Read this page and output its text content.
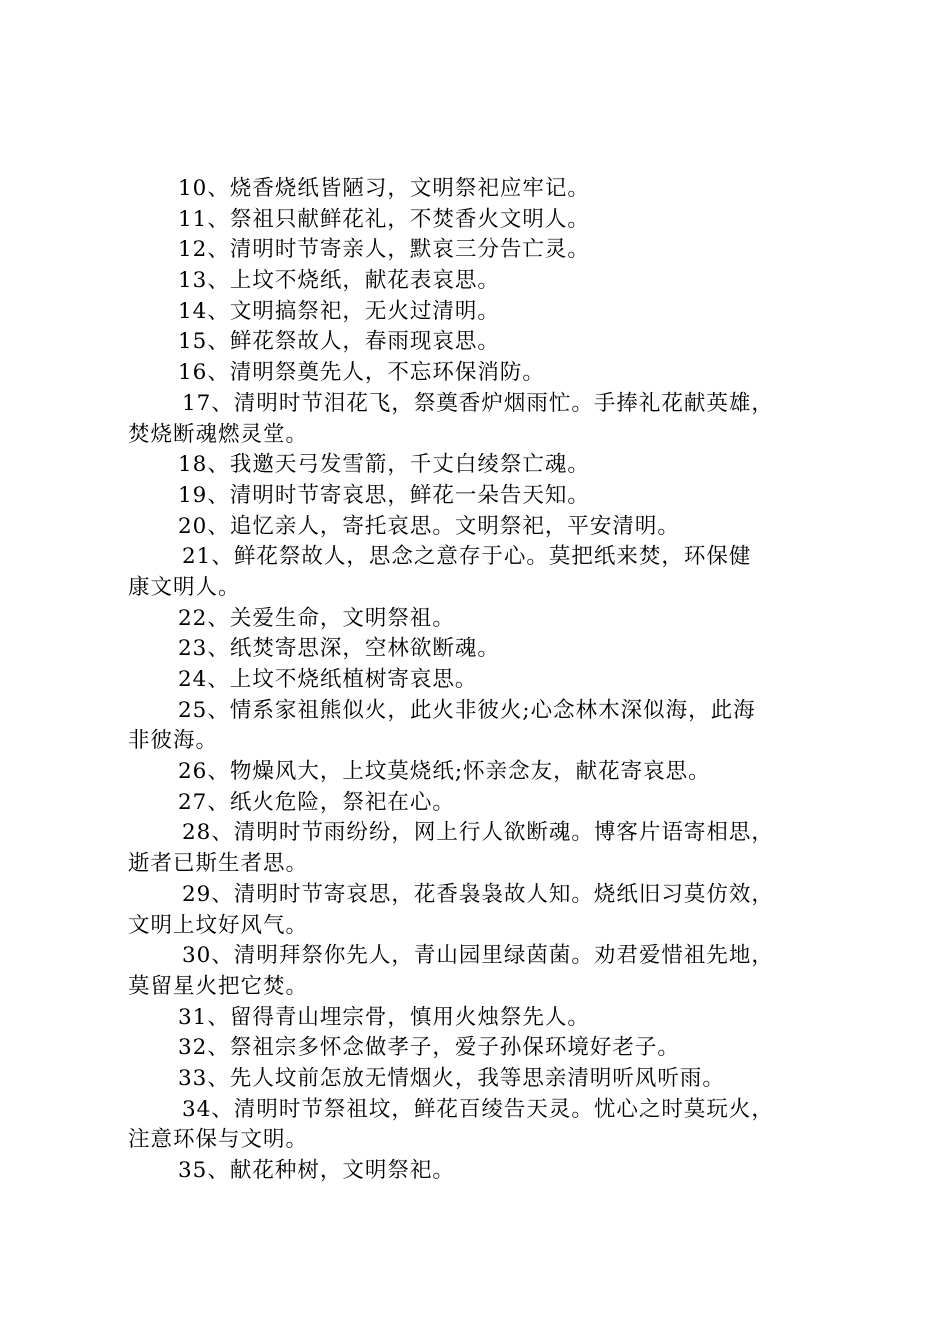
10、烧香烧纸皆陋习，文明祭祀应牢记。
11、祭祖只献鲜花礼，不焚香火文明人。
12、清明时节寄亲人，默哀三分告亡灵。
13、上坟不烧纸，献花表哀思。
14、文明搞祭祀，无火过清明。
15、鲜花祭故人，春雨现哀思。
16、清明祭奠先人，不忘环保消防。
17、清明时节泪花飞，祭奠香炉烟雨忙。手捧礼花献英雄，
焚烧断魂燃灵堂。
18、我邀天弓发雪箭，千丈白绫祭亡魂。
19、清明时节寄哀思，鲜花一朵告天知。
20、追忆亲人，寄托哀思。文明祭祀，平安清明。
21、鲜花祭故人，思念之意存于心。莫把纸来焚，环保健
康文明人。
22、关爱生命，文明祭祖。
23、纸焚寄思深，空林欲断魂。
24、上坟不烧纸植树寄哀思。
25、情系家祖熊似火，此火非彼火;心念林木深似海，此海
非彼海。
26、物燥风大，上坟莫烧纸;怀亲念友，献花寄哀思。
27、纸火危险，祭祀在心。
28、清明时节雨纷纷，网上行人欲断魂。博客片语寄相思，
逝者已斯生者思。
29、清明时节寄哀思，花香袅袅故人知。烧纸旧习莫仿效，
文明上坟好风气。
30、清明拜祭你先人，青山园里绿茵菌。劝君爱惜祖先地，
莫留星火把它焚。
31、留得青山埋宗骨，慎用火烛祭先人。
32、祭祖宗多怀念做孝子，爱子孙保环境好老子。
33、先人坟前怎放无情烟火，我等思亲清明听风听雨。
34、清明时节祭祖坟，鲜花百绫告天灵。忧心之时莫玩火，
注意环保与文明。
35、献花种树，文明祭祀。
